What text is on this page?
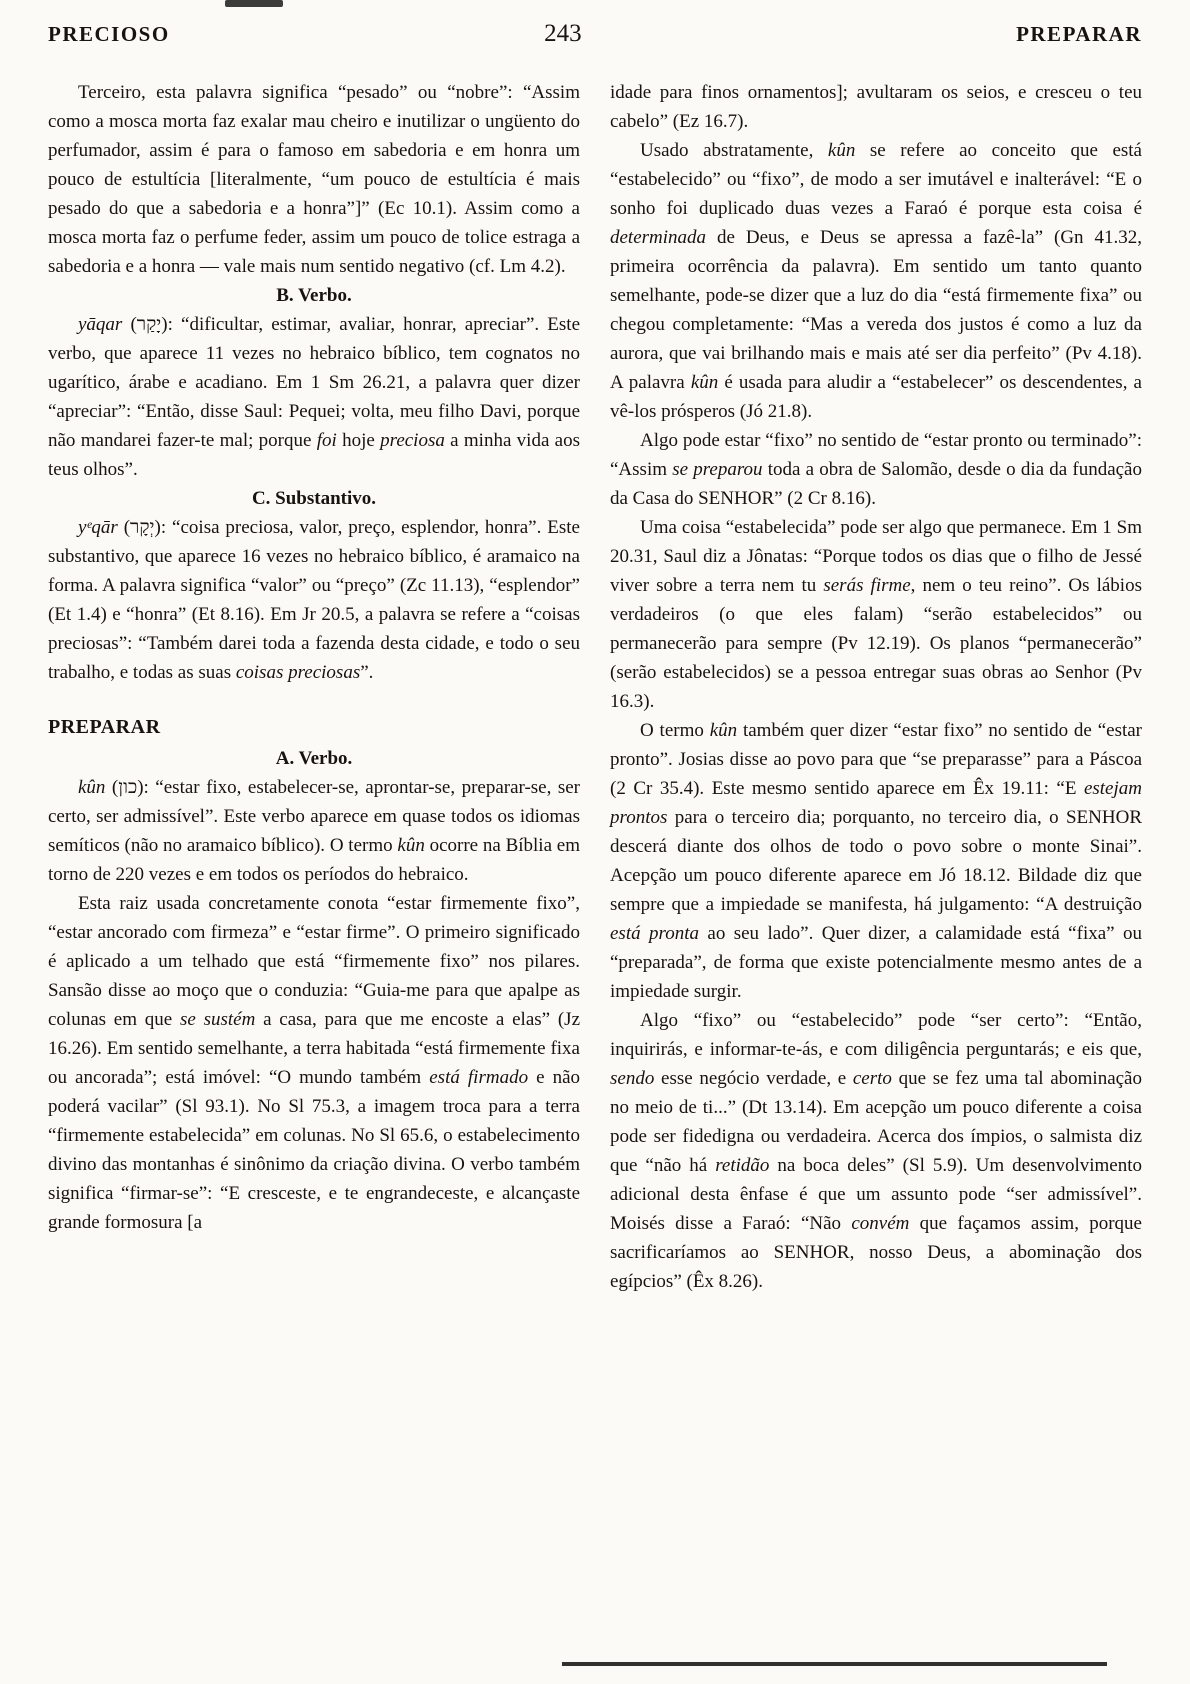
PRECIOSO	243	PREPARAR

Terceiro, esta palavra significa “pesado” ou “nobre”: “Assim como a mosca morta faz exalar mau cheiro e inutilizar o ungüento do perfumador, assim é para o famoso em sabedoria e em honra um pouco de estultícia [literalmente, “um pouco de estultícia é mais pesado do que a sabedoria e a honra”]” (Ec 10.1). Assim como a mosca morta faz o perfume feder, assim um pouco de tolice estraga a sabedoria e a honra — vale mais num sentido negativo (cf. Lm 4.2).

B. Verbo.

yāqar (יָקַר): “dificultar, estimar, avaliar, honrar, apreciar”. Este verbo, que aparece 11 vezes no hebraico bíblico, tem cognatos no ugarítico, árabe e acadiano. Em 1 Sm 26.21, a palavra quer dizer “apreciar”: “Então, disse Saul: Pequei; volta, meu filho Davi, porque não mandarei fazer-te mal; porque foi hoje preciosa a minha vida aos teus olhos”.

C. Substantivo.

yᵉqār (יְקָר): “coisa preciosa, valor, preço, esplendor, honra”. Este substantivo, que aparece 16 vezes no hebraico bíblico, é aramaico na forma. A palavra significa “valor” ou “preço” (Zc 11.13), “esplendor” (Et 1.4) e “honra” (Et 8.16). Em Jr 20.5, a palavra se refere a “coisas preciosas”: “Também darei toda a fazenda desta cidade, e todo o seu trabalho, e todas as suas coisas preciosas”.

PREPARAR
A. Verbo.

kûn (כון): “estar fixo, estabelecer-se, aprontar-se, preparar-se, ser certo, ser admissível”. Este verbo aparece em quase todos os idiomas semíticos (não no aramaico bíblico). O termo kûn ocorre na Bíblia em torno de 220 vezes e em todos os períodos do hebraico.

Esta raiz usada concretamente conota “estar firmemente fixo”, “estar ancorado com firmeza” e “estar firme”. O primeiro significado é aplicado a um telhado que está “firmemente fixo” nos pilares. Sansão disse ao moço que o conduzia: “Guia-me para que apalpe as colunas em que se sustém a casa, para que me encoste a elas” (Jz 16.26). Em sentido semelhante, a terra habitada “está firmemente fixa ou ancorada”; está imóvel: “O mundo também está firmado e não poderá vacilar” (Sl 93.1). No Sl 75.3, a imagem troca para a terra “firmemente estabelecida” em colunas. No Sl 65.6, o estabelecimento divino das montanhas é sinônimo da criação divina. O verbo também significa “firmar-se”: “E cresceste, e te engrandeceste, e alcançaste grande formosura [a

idade para finos ornamentos]; avultaram os seios, e cresceu o teu cabelo” (Ez 16.7).

Usado abstratamente, kûn se refere ao conceito que está “estabelecido” ou “fixo”, de modo a ser imutável e inalterável: “E o sonho foi duplicado duas vezes a Faraó é porque esta coisa é determinada de Deus, e Deus se apressa a fazê-la” (Gn 41.32, primeira ocorrência da palavra). Em sentido um tanto quanto semelhante, pode-se dizer que a luz do dia “está firmemente fixa” ou chegou completamente: “Mas a vereda dos justos é como a luz da aurora, que vai brilhando mais e mais até ser dia perfeito” (Pv 4.18). A palavra kûn é usada para aludir a “estabelecer” os descendentes, a vê-los prósperos (Jó 21.8).

Algo pode estar “fixo” no sentido de “estar pronto ou terminado”: “Assim se preparou toda a obra de Salomão, desde o dia da fundação da Casa do SENHOR” (2 Cr 8.16).

Uma coisa “estabelecida” pode ser algo que permanece. Em 1 Sm 20.31, Saul diz a Jônatas: “Porque todos os dias que o filho de Jessé viver sobre a terra nem tu serás firme, nem o teu reino”. Os lábios verdadeiros (o que eles falam) “serão estabelecidos” ou permanecerão para sempre (Pv 12.19). Os planos “permanecerão” (serão estabelecidos) se a pessoa entregar suas obras ao Senhor (Pv 16.3).

O termo kûn também quer dizer “estar fixo” no sentido de “estar pronto”. Josias disse ao povo para que “se preparasse” para a Páscoa (2 Cr 35.4). Este mesmo sentido aparece em Êx 19.11: “E estejam prontos para o terceiro dia; porquanto, no terceiro dia, o SENHOR descerá diante dos olhos de todo o povo sobre o monte Sinai”. Acepção um pouco diferente aparece em Jó 18.12. Bildade diz que sempre que a impiedade se manifesta, há julgamento: “A destruição está pronta ao seu lado”. Quer dizer, a calamidade está “fixa” ou “preparada”, de forma que existe potencialmente mesmo antes de a impiedade surgir.

Algo “fixo” ou “estabelecido” pode “ser certo”: “Então, inquirirás, e informar-te-ás, e com diligência perguntarás; e eis que, sendo esse negócio verdade, e certo que se fez uma tal abominação no meio de ti...” (Dt 13.14). Em acepção um pouco diferente a coisa pode ser fidedigna ou verdadeira. Acerca dos ímpios, o salmista diz que “não há retidão na boca deles” (Sl 5.9). Um desenvolvimento adicional desta ênfase é que um assunto pode “ser admissível”. Moisés disse a Faraó: “Não convém que façamos assim, porque sacrificaríamos ao SENHOR, nosso Deus, a abominação dos egípcios” (Êx 8.26).
